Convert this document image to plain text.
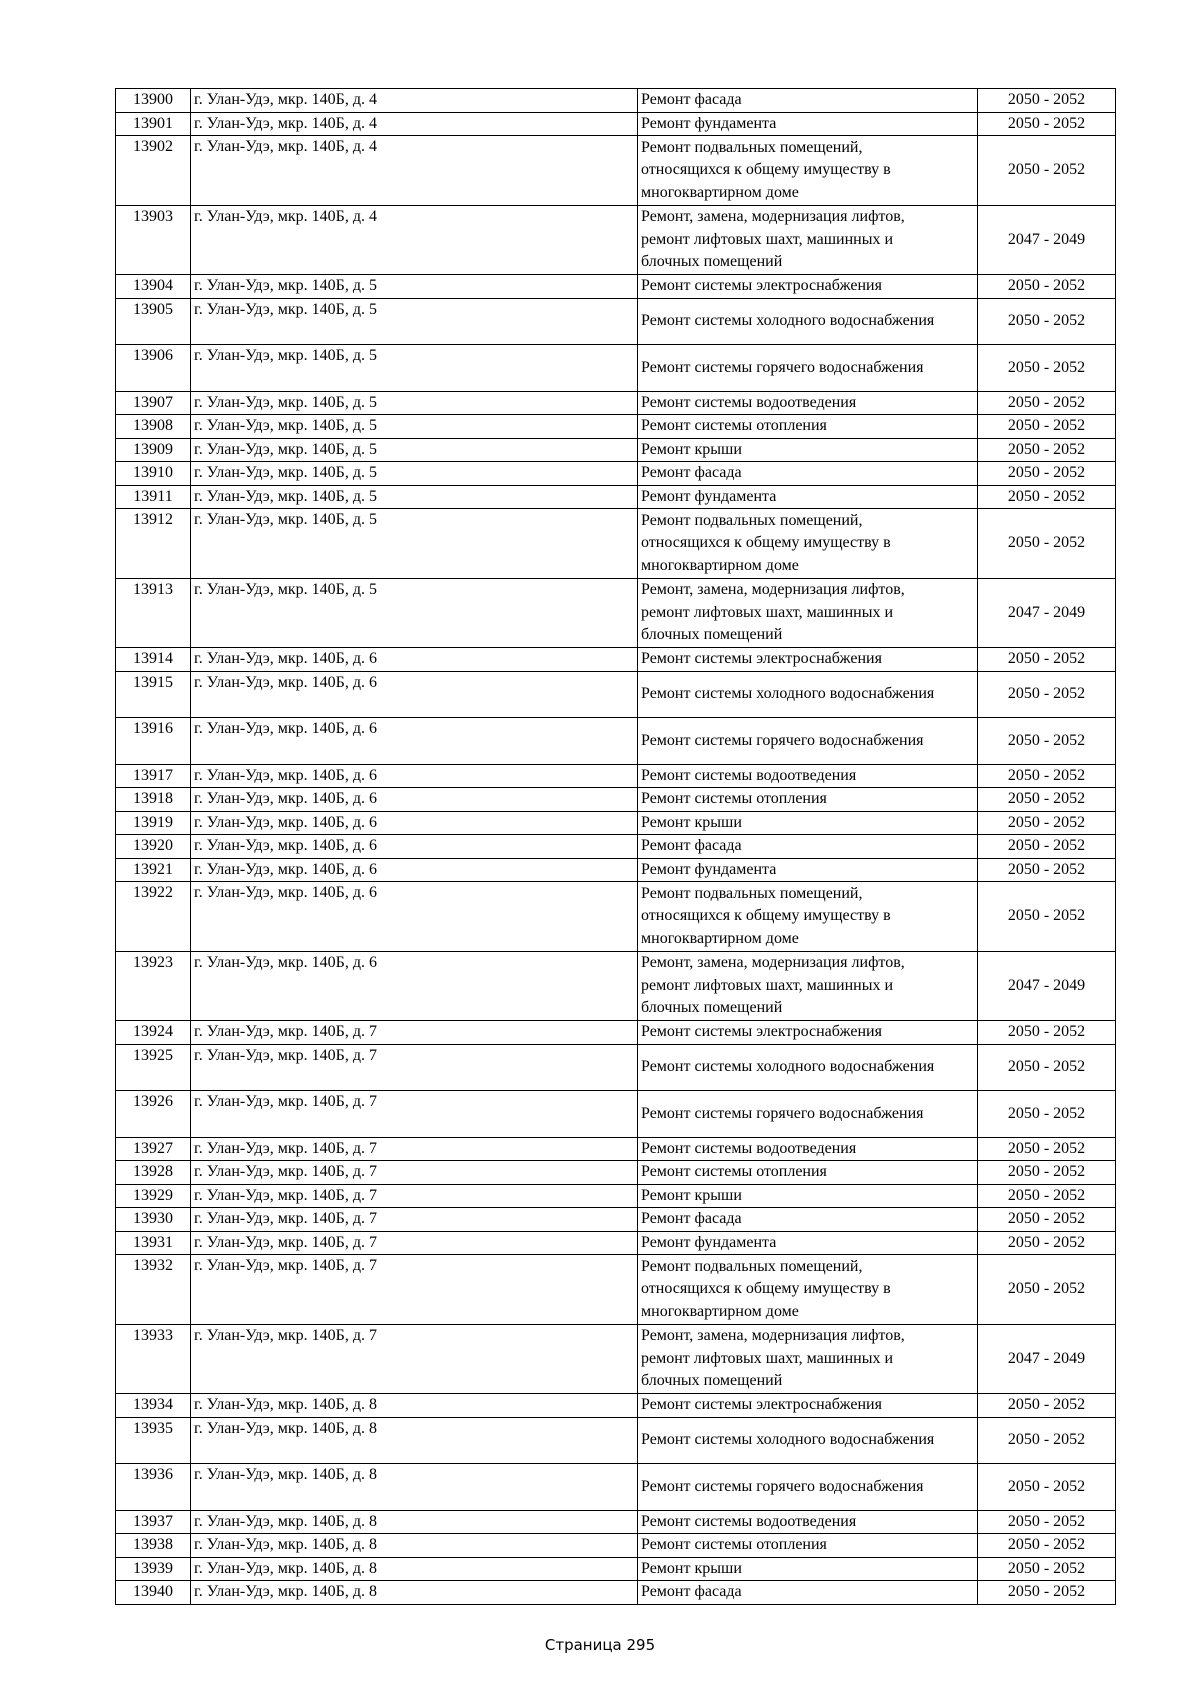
13900	г. Улан-Удэ, мкр. 140Б, д. 4	Ремонт фасада	2050 - 2052
13901	г. Улан-Удэ, мкр. 140Б, д. 4	Ремонт фундамента	2050 - 2052
13902	г. Улан-Удэ, мкр. 140Б, д. 4	Ремонт подвальных помещений,
относящихся к общему имуществу в
многоквартирном доме	2050 - 2052
13903	г. Улан-Удэ, мкр. 140Б, д. 4	Ремонт, замена, модернизация лифтов,
ремонт лифтовых шахт, машинных и
блочных помещений	2047 - 2049
13904	г. Улан-Удэ, мкр. 140Б, д. 5	Ремонт системы электроснабжения	2050 - 2052
13905	г. Улан-Удэ, мкр. 140Б, д. 5	Ремонт системы холодного водоснабжения	2050 - 2052
13906	г. Улан-Удэ, мкр. 140Б, д. 5	Ремонт системы горячего водоснабжения	2050 - 2052
13907	г. Улан-Удэ, мкр. 140Б, д. 5	Ремонт системы водоотведения	2050 - 2052
13908	г. Улан-Удэ, мкр. 140Б, д. 5	Ремонт системы отопления	2050 - 2052
13909	г. Улан-Удэ, мкр. 140Б, д. 5	Ремонт крыши	2050 - 2052
13910	г. Улан-Удэ, мкр. 140Б, д. 5	Ремонт фасада	2050 - 2052
13911	г. Улан-Удэ, мкр. 140Б, д. 5	Ремонт фундамента	2050 - 2052
13912	г. Улан-Удэ, мкр. 140Б, д. 5	Ремонт подвальных помещений,
относящихся к общему имуществу в
многоквартирном доме	2050 - 2052
13913	г. Улан-Удэ, мкр. 140Б, д. 5	Ремонт, замена, модернизация лифтов,
ремонт лифтовых шахт, машинных и
блочных помещений	2047 - 2049
13914	г. Улан-Удэ, мкр. 140Б, д. 6	Ремонт системы электроснабжения	2050 - 2052
13915	г. Улан-Удэ, мкр. 140Б, д. 6	Ремонт системы холодного водоснабжения	2050 - 2052
13916	г. Улан-Удэ, мкр. 140Б, д. 6	Ремонт системы горячего водоснабжения	2050 - 2052
13917	г. Улан-Удэ, мкр. 140Б, д. 6	Ремонт системы водоотведения	2050 - 2052
13918	г. Улан-Удэ, мкр. 140Б, д. 6	Ремонт системы отопления	2050 - 2052
13919	г. Улан-Удэ, мкр. 140Б, д. 6	Ремонт крыши	2050 - 2052
13920	г. Улан-Удэ, мкр. 140Б, д. 6	Ремонт фасада	2050 - 2052
13921	г. Улан-Удэ, мкр. 140Б, д. 6	Ремонт фундамента	2050 - 2052
13922	г. Улан-Удэ, мкр. 140Б, д. 6	Ремонт подвальных помещений,
относящихся к общему имуществу в
многоквартирном доме	2050 - 2052
13923	г. Улан-Удэ, мкр. 140Б, д. 6	Ремонт, замена, модернизация лифтов,
ремонт лифтовых шахт, машинных и
блочных помещений	2047 - 2049
13924	г. Улан-Удэ, мкр. 140Б, д. 7	Ремонт системы электроснабжения	2050 - 2052
13925	г. Улан-Удэ, мкр. 140Б, д. 7	Ремонт системы холодного водоснабжения	2050 - 2052
13926	г. Улан-Удэ, мкр. 140Б, д. 7	Ремонт системы горячего водоснабжения	2050 - 2052
13927	г. Улан-Удэ, мкр. 140Б, д. 7	Ремонт системы водоотведения	2050 - 2052
13928	г. Улан-Удэ, мкр. 140Б, д. 7	Ремонт системы отопления	2050 - 2052
13929	г. Улан-Удэ, мкр. 140Б, д. 7	Ремонт крыши	2050 - 2052
13930	г. Улан-Удэ, мкр. 140Б, д. 7	Ремонт фасада	2050 - 2052
13931	г. Улан-Удэ, мкр. 140Б, д. 7	Ремонт фундамента	2050 - 2052
13932	г. Улан-Удэ, мкр. 140Б, д. 7	Ремонт подвальных помещений,
относящихся к общему имуществу в
многоквартирном доме	2050 - 2052
13933	г. Улан-Удэ, мкр. 140Б, д. 7	Ремонт, замена, модернизация лифтов,
ремонт лифтовых шахт, машинных и
блочных помещений	2047 - 2049
13934	г. Улан-Удэ, мкр. 140Б, д. 8	Ремонт системы электроснабжения	2050 - 2052
13935	г. Улан-Удэ, мкр. 140Б, д. 8	Ремонт системы холодного водоснабжения	2050 - 2052
13936	г. Улан-Удэ, мкр. 140Б, д. 8	Ремонт системы горячего водоснабжения	2050 - 2052
13937	г. Улан-Удэ, мкр. 140Б, д. 8	Ремонт системы водоотведения	2050 - 2052
13938	г. Улан-Удэ, мкр. 140Б, д. 8	Ремонт системы отопления	2050 - 2052
13939	г. Улан-Удэ, мкр. 140Б, д. 8	Ремонт крыши	2050 - 2052
13940	г. Улан-Удэ, мкр. 140Б, д. 8	Ремонт фасада	2050 - 2052
Страница 295
